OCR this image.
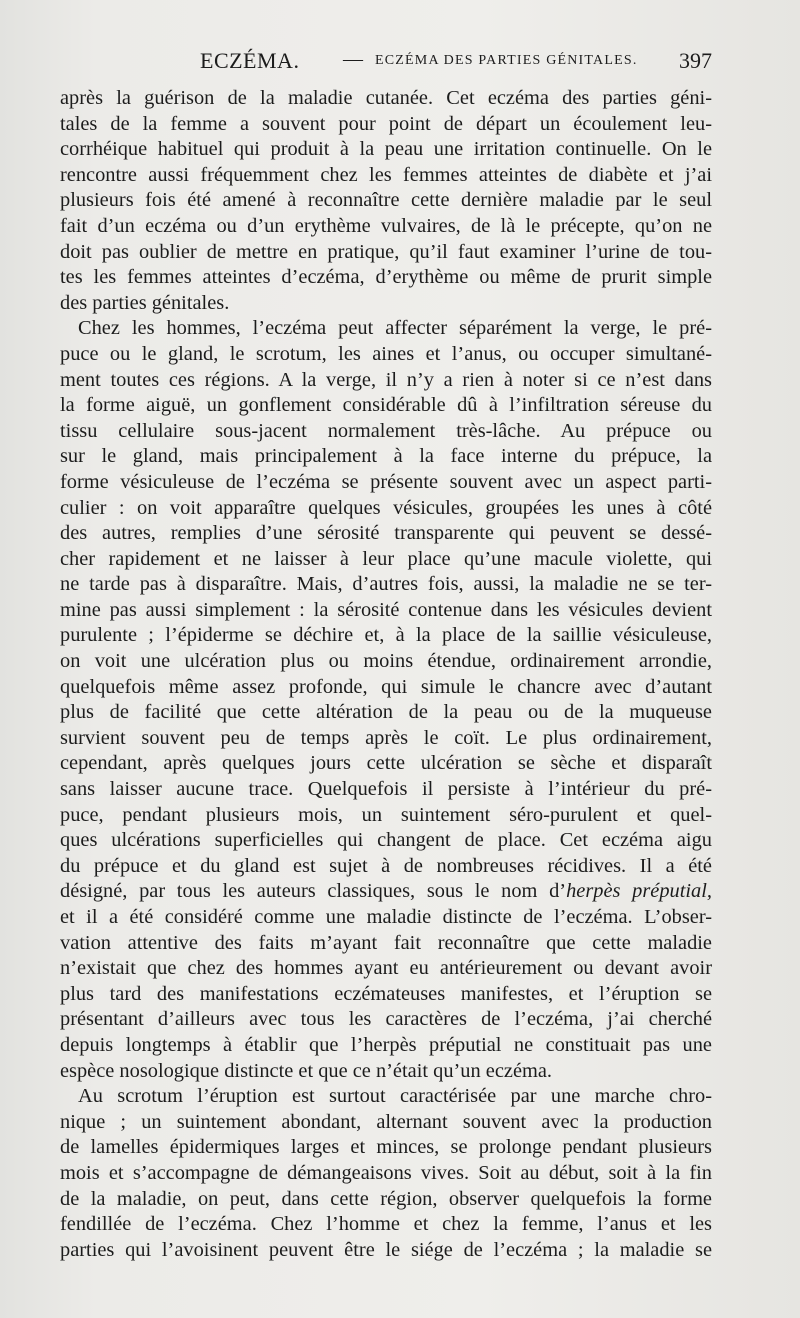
ECZÉMA. — ECZÉMA DES PARTIES GÉNITALES. 397
après la guérison de la maladie cutanée. Cet eczéma des parties géni-
tales de la femme a souvent pour point de départ un écoulement leu-
corrhéique habituel qui produit à la peau une irritation continuelle. On le
rencontre aussi fréquemment chez les femmes atteintes de diabète et j’ai
plusieurs fois été amené à reconnaître cette dernière maladie par le seul
fait d’un eczéma ou d’un erythème vulvaires, de là le précepte, qu’on ne
doit pas oublier de mettre en pratique, qu’il faut examiner l’urine de tou-
tes les femmes atteintes d’eczéma, d’erythème ou même de prurit simple
des parties génitales.
Chez les hommes, l’eczéma peut affecter séparément la verge, le pré-
puce ou le gland, le scrotum, les aines et l’anus, ou occuper simultané-
ment toutes ces régions. A la verge, il n’y a rien à noter si ce n’est dans
la forme aiguë, un gonflement considérable dû à l’infiltration séreuse du
tissu cellulaire sous-jacent normalement très-lâche. Au prépuce ou
sur le gland, mais principalement à la face interne du prépuce, la
forme vésiculeuse de l’eczéma se présente souvent avec un aspect parti-
culier : on voit apparaître quelques vésicules, groupées les unes à côté
des autres, remplies d’une sérosité transparente qui peuvent se dessé-
cher rapidement et ne laisser à leur place qu’une macule violette, qui
ne tarde pas à disparaître. Mais, d’autres fois, aussi, la maladie ne se ter-
mine pas aussi simplement : la sérosité contenue dans les vésicules devient
purulente ; l’épiderme se déchire et, à la place de la saillie vésiculeuse,
on voit une ulcération plus ou moins étendue, ordinairement arrondie,
quelquefois même assez profonde, qui simule le chancre avec d’autant
plus de facilité que cette altération de la peau ou de la muqueuse
survient souvent peu de temps après le coït. Le plus ordinairement,
cependant, après quelques jours cette ulcération se sèche et disparaît
sans laisser aucune trace. Quelquefois il persiste à l’intérieur du pré-
puce, pendant plusieurs mois, un suintement séro-purulent et quel-
ques ulcérations superficielles qui changent de place. Cet eczéma aigu
du prépuce et du gland est sujet à de nombreuses récidives. Il a été
désigné, par tous les auteurs classiques, sous le nom d’herpès préputial,
et il a été considéré comme une maladie distincte de l’eczéma. L’obser-
vation attentive des faits m’ayant fait reconnaître que cette maladie
n’existait que chez des hommes ayant eu antérieurement ou devant avoir
plus tard des manifestations eczémateuses manifestes, et l’éruption se
présentant d’ailleurs avec tous les caractères de l’eczéma, j’ai cherché
depuis longtemps à établir que l’herpès préputial ne constituait pas une
espèce nosologique distincte et que ce n’était qu’un eczéma.
Au scrotum l’éruption est surtout caractérisée par une marche chro-
nique ; un suintement abondant, alternant souvent avec la production
de lamelles épidermiques larges et minces, se prolonge pendant plusieurs
mois et s’accompagne de démangeaisons vives. Soit au début, soit à la fin
de la maladie, on peut, dans cette région, observer quelquefois la forme
fendillée de l’eczéma. Chez l’homme et chez la femme, l’anus et les
parties qui l’avoisinent peuvent être le siége de l’eczéma ; la maladie se
